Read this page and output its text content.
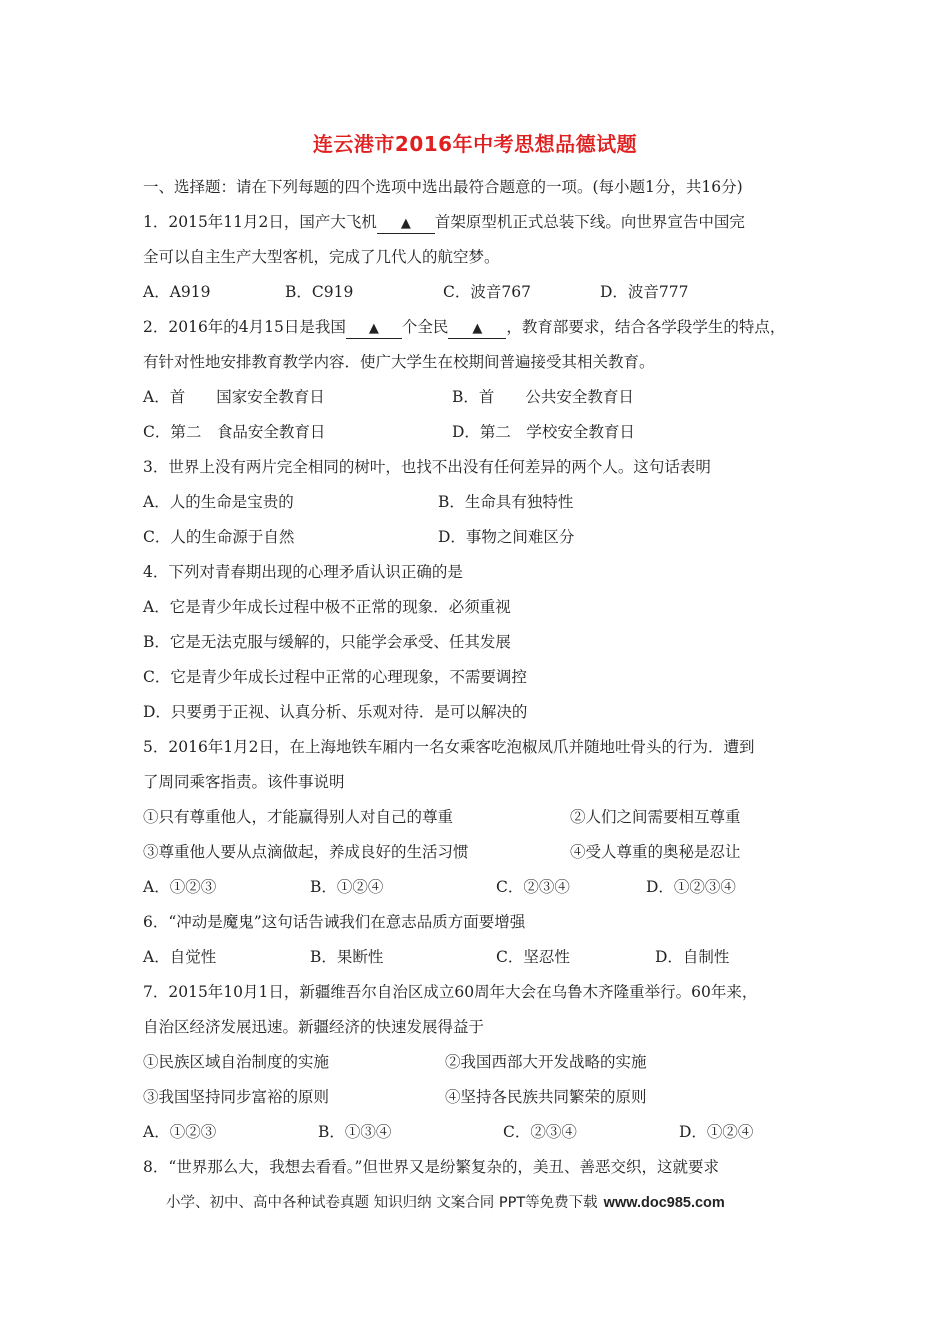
连云港市2016年中考思想品德试题
一、选择题：请在下列每题的四个选项中选出最符合题意的一项。(每小题1分，共16分)
1．2015年11月2日，国产大飞机 ▲ 首架原型机正式总装下线。向世界宣告中国完
全可以自主生产大型客机，完成了几代人的航空梦。
A．A919	B．C919	C．波音767	D．波音777
2．2016年的4月15日是我国 ▲ 个全民 ▲ ，教育部要求，结合各学段学生的特点，
有针对性地安排教育教学内容．使广大学生在校期间普遍接受其相关教育。
A．首　　国家安全教育日	B．首　　公共安全教育日
C．第二　食品安全教育日	D．第二　学校安全教育日
3．世界上没有两片完全相同的树叶，也找不出没有任何差异的两个人。这句话表明
A．人的生命是宝贵的	B．生命具有独特性
C．人的生命源于自然	D．事物之间难区分
4．下列对青春期出现的心理矛盾认识正确的是
A．它是青少年成长过程中极不正常的现象．必须重视
B．它是无法克服与缓解的，只能学会承受、任其发展
C．它是青少年成长过程中正常的心理现象，不需要调控
D．只要勇于正视、认真分析、乐观对待．是可以解决的
5．2016年1月2日，在上海地铁车厢内一名女乘客吃泡椒凤爪并随地吐骨头的行为．遭到
了周同乘客指责。该件事说明
①只有尊重他人，才能赢得别人对自己的尊重	②人们之间需要相互尊重
③尊重他人要从点滴做起，养成良好的生活习惯	④受人尊重的奥秘是忍让
A．①②③	B．①②④	C．②③④	D．①②③④
6．“冲动是魔鬼”这句话告诫我们在意志品质方面要增强
A．自觉性	B．果断性	C．坚忍性	D．自制性
7．2015年10月1日，新疆维吾尔自治区成立60周年大会在乌鲁木齐隆重举行。60年来，
自治区经济发展迅速。新疆经济的快速发展得益于
①民族区域自治制度的实施	②我国西部大开发战略的实施
③我国坚持同步富裕的原则	④坚持各民族共同繁荣的原则
A．①②③	B．①③④	C．②③④	D．①②④
8．“世界那么大，我想去看看。”但世界又是纷繁复杂的，美丑、善恶交织，这就要求
小学、初中、高中各种试卷真题 知识归纳 文案合同 PPT等免费下载 www.doc985.com
